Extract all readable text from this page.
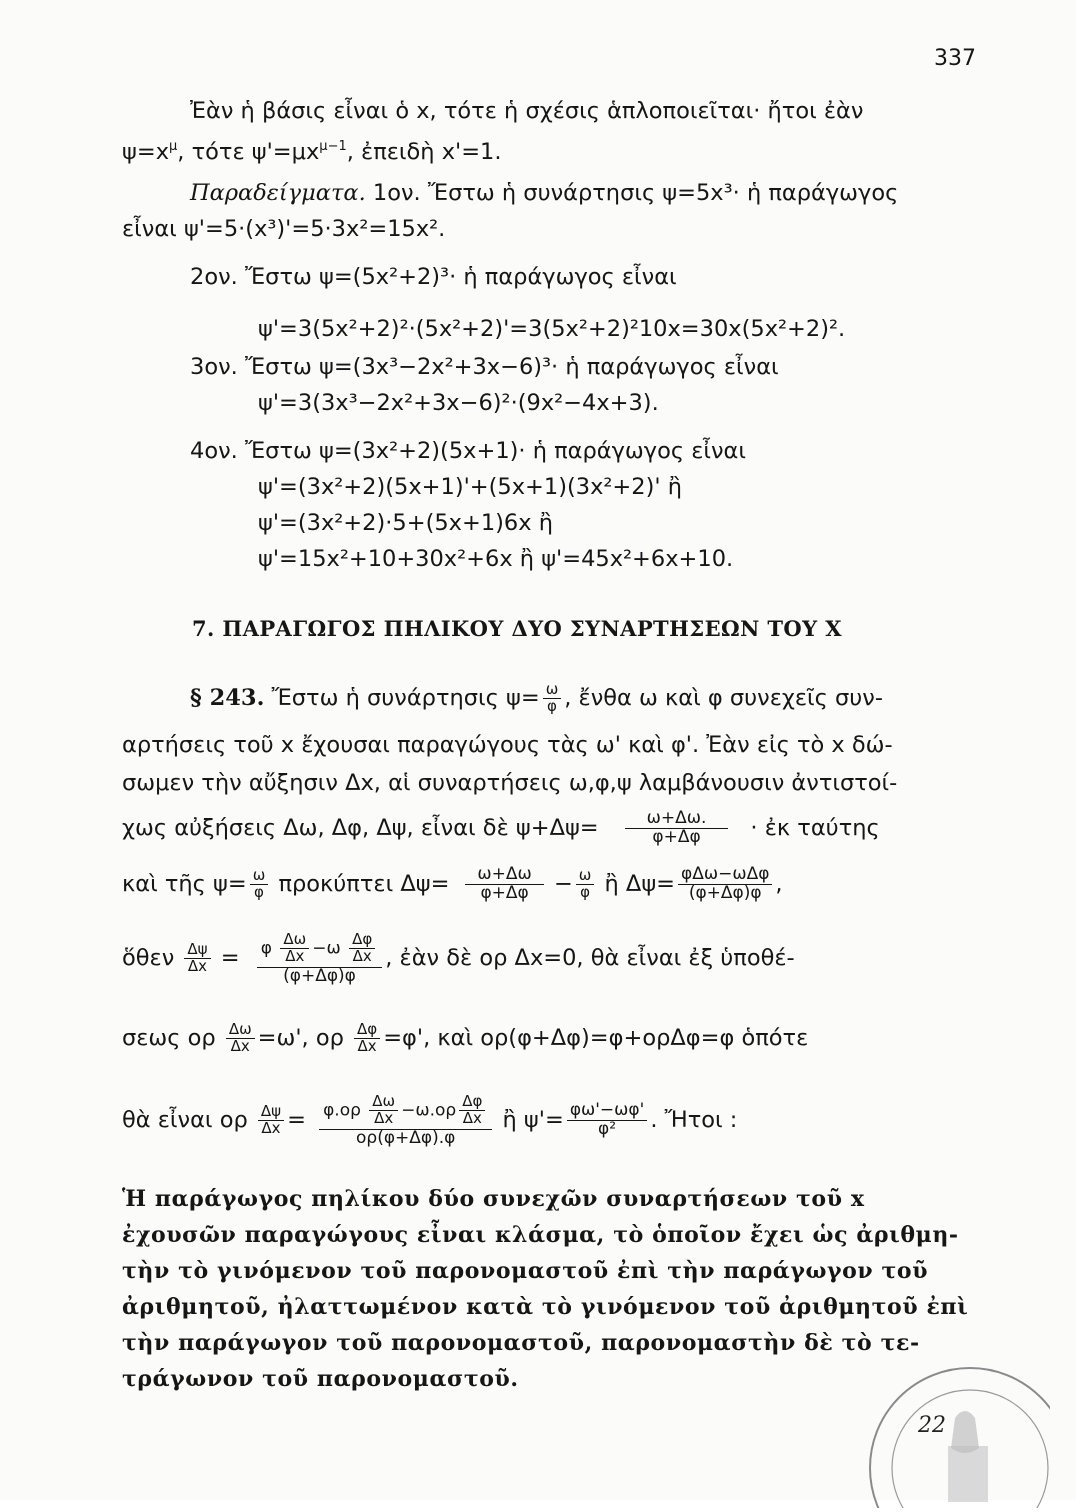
337
Ἐὰν ἡ βάσις εἶναι ὁ x, τότε ἡ σχέσις ἁπλοποιεῖται· ἤτοι ἐὰν
$\psi=x^\mu$, τότε $\psi'=\mu x^{\mu-1}$, ἐπειδὴ x'=1.
Παραδείγματα. 1ον. Ἔστω ἡ συνάρτησις ψ=5x³· ἡ παράγωγος
εἶναι ψ'=5·(x³)'=5·3x²=15x².
2ον. Ἔστω ψ=(5x²+2)³· ἡ παράγωγος εἶναι
ψ'=3(5x²+2)²·(5x²+2)'=3(5x²+2)²10x=30x(5x²+2)².
3ον. Ἔστω ψ=(3x³−2x²+3x−6)³· ἡ παράγωγος εἶναι
ψ'=3(3x³−2x²+3x−6)²·(9x²−4x+3).
4ον. Ἔστω ψ=(3x²+2)(5x+1)· ἡ παράγωγος εἶναι
ψ'=(3x²+2)(5x+1)'+(5x+1)(3x²+2)' ἢ
ψ'=(3x²+2)·5+(5x+1)6x ἢ
ψ'=15x²+10+30x²+6x ἢ ψ'=45x²+6x+10.
7. ΠΑΡΑΓΩΓΟΣ ΠΗΛΙΚΟΥ ΔΥΟ ΣΥΝΑΡΤΗΣΕΩΝ ΤΟΥ X
§ 243. Ἔστω ἡ συνάρτησις $\psi= \frac{\omega}{\varphi}$ , ἔνθα ω καὶ φ συνεχεῖς συν-
αρτήσεις τοῦ x ἔχουσαι παραγώγους τὰς ω' καὶ φ'. Ἐὰν εἰς τὸ x δώ-
σωμεν τὴν αὔξησιν Δx, αἱ συναρτήσεις ω,φ,ψ λαμβάνουσιν ἀντιστοί-
χως αὐξήσεις Δω, Δφ, Δψ, εἶναι δὲ $\psi+\Delta\psi= \frac{\omega+\Delta\omega.}{\varphi+\Delta\varphi}$ · ἐκ ταύτης
καὶ τῆς $\psi= \frac{\omega}{\varphi}$ προκύπτει $\Delta\psi= \frac{\omega+\Delta\omega}{\varphi+\Delta\varphi} - \frac{\omega}{\varphi}$ ἢ $\Delta\psi= \frac{\text{φΔω−ωΔφ}}{(\varphi+\Delta\varphi)\varphi}$ ,
ὅθεν $\frac{\Delta\psi}{\Delta x} = \frac{\varphi \frac{\Delta\omega}{\Delta x} -\omega \frac{\Delta\varphi}{\Delta x}}{(\varphi+\Delta\varphi)\varphi}$ , ἐὰν δὲ ορ Δx=0, θὰ εἶναι ἐξ ὑποθέ-
σεως ορ $\frac{\Delta\omega}{\Delta x} =\omega'$, ορ $\frac{\Delta\varphi}{\Delta x} =\varphi'$, καὶ ορ(φ+Δφ)=φ+ορΔφ=φ ὁπότε
θὰ εἶναι ορ $\frac{\Delta\psi}{\Delta x} = \frac{\varphi.o\rho \frac{\Delta\omega}{\Delta x} -\omega.o\rho \frac{\Delta\varphi}{\Delta x}}{o\rho(\varphi+\Delta\varphi).\varphi}$ ἢ $\psi'= \frac{\varphi\omega'-\omega\varphi'}{\text{φ²}}$ . Ἤτοι :
Ἡ παράγωγος πηλίκου δύο συνεχῶν συναρτήσεων τοῦ x
ἐχουσῶν παραγώγους εἶναι κλάσμα, τὸ ὁποῖον ἔχει ὡς ἀριθμη-
τὴν τὸ γινόμενον τοῦ παρονομαστοῦ ἐπὶ τὴν παράγωγον τοῦ
ἀριθμητοῦ, ἠλαττωμένον κατὰ τὸ γινόμενον τοῦ ἀριθμητοῦ ἐπὶ
τὴν παράγωγον τοῦ παρονομαστοῦ, παρονομαστὴν δὲ τὸ τε-
τράγωνον τοῦ παρονομαστοῦ.
22
